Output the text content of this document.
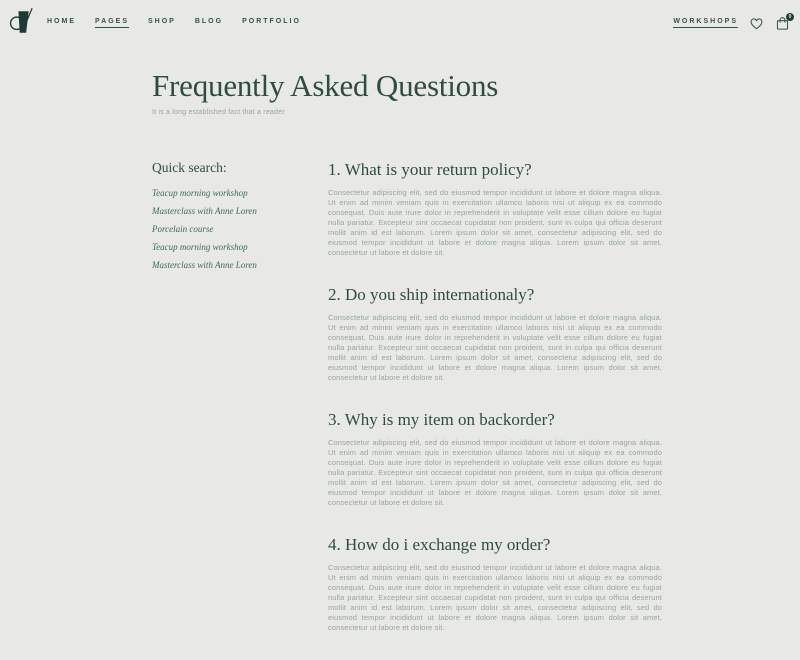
HOME	PAGES	SHOP	BLOG	PORTFOLIO	WORKSHOPS
0
Frequently Asked Questions
It is a long established fact that a reader
Quick search:
Teacup morning workshop
Masterclass with Anne Loren
Porcelain course
Teacup morning workshop
Masterclass with Anne Loren
1. What is your return policy?

Consectetur adipiscing elit, sed do eiusmod tempor incididunt ut labore et dolore magna aliqua. Ut enim ad minim veniam quis in exercitation ullamco laboris nisi ut aliquip ex ea commodo consequat. Duis aute irure dolor in reprehenderit in voluptate velit esse cillum dolore eu fugiat nulla pariatur. Excepteur sint occaecat cupidatat non proident, sunt in culpa qui officia deserunt mollit anim id est laborum. Lorem ipsum dolor sit amet, consectetur adipiscing elit, sed do eiusmod tempor incididunt ut labore et dolore magna aliqua. Lorem ipsum dolor sit amet, consectetur ut labore et dolore sit.

2. Do you ship internationaly?

Consectetur adipiscing elit, sed do eiusmod tempor incididunt ut labore et dolore magna aliqua. Ut enim ad minim veniam quis in exercitation ullamco laboris nisi ut aliquip ex ea commodo consequat. Duis aute irure dolor in reprehenderit in voluptate velit esse cillum dolore eu fugiat nulla pariatur. Excepteur sint occaecat cupidatat non proident, sunt in culpa qui officia deserunt mollit anim id est laborum. Lorem ipsum dolor sit amet, consectetur adipiscing elit, sed do eiusmod tempor incididunt ut labore et dolore magna aliqua. Lorem ipsum dolor sit amet, consectetur ut labore et dolore sit.

3. Why is my item on backorder?

Consectetur adipiscing elit, sed do eiusmod tempor incididunt ut labore et dolore magna aliqua. Ut enim ad minim veniam quis in exercitation ullamco laboris nisi ut aliquip ex ea commodo consequat. Duis aute irure dolor in reprehenderit in voluptate velit esse cillum dolore eu fugiat nulla pariatur. Excepteur sint occaecat cupidatat non proident, sunt in culpa qui officia deserunt mollit anim id est laborum. Lorem ipsum dolor sit amet, consectetur adipiscing elit, sed do eiusmod tempor incididunt ut labore et dolore magna aliqua. Lorem ipsum dolor sit amet, consectetur ut labore et dolore sit.

4. How do i exchange my order?

Consectetur adipiscing elit, sed do eiusmod tempor incididunt ut labore et dolore magna aliqua. Ut enim ad minim veniam quis in exercitation ullamco laboris nisi ut aliquip ex ea commodo consequat. Duis aute irure dolor in reprehenderit in voluptate velit esse cillum dolore eu fugiat nulla pariatur. Excepteur sint occaecat cupidatat non proident, sunt in culpa qui officia deserunt mollit anim id est laborum. Lorem ipsum dolor sit amet, consectetur adipiscing elit, sed do eiusmod tempor incididunt ut labore et dolore magna aliqua. Lorem ipsum dolor sit amet, consectetur ut labore et dolore sit.
